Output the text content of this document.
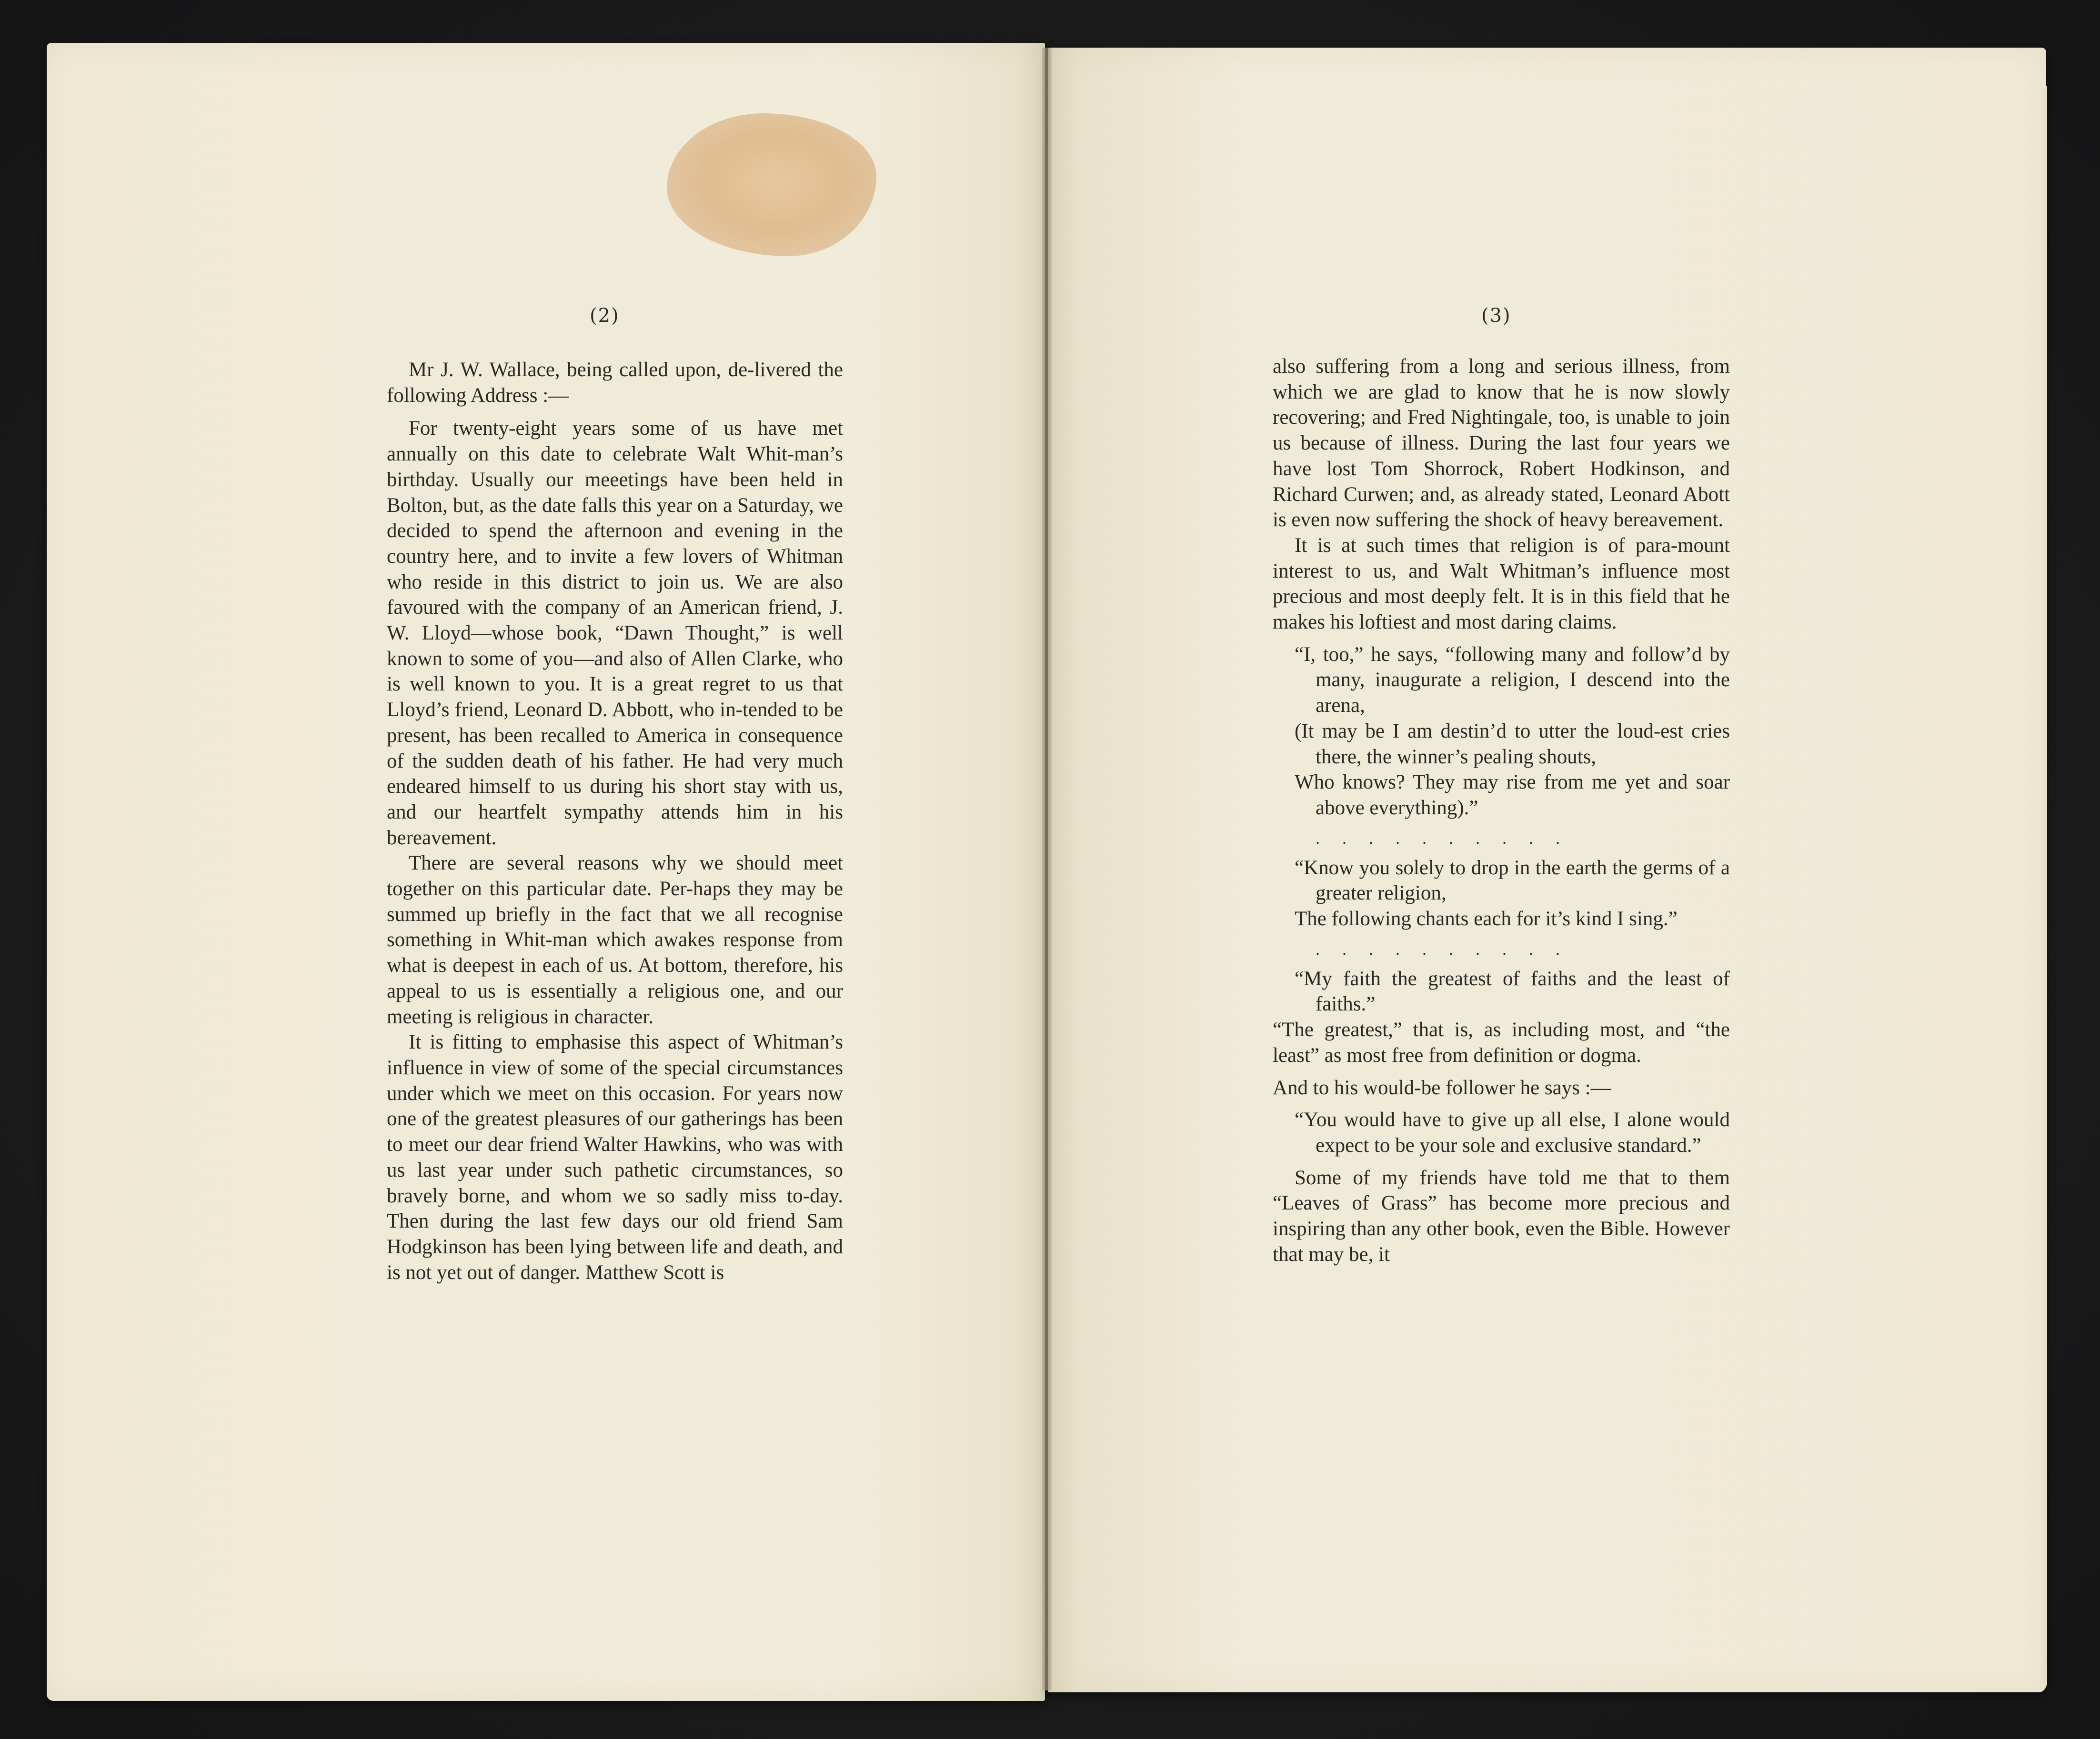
(2)	(3)

Mr J. W. Wallace, being called upon, de-livered the following Address :—

For twenty-eight years some of us have met annually on this date to celebrate Walt Whit-man’s birthday. Usually our meeetings have been held in Bolton, but, as the date falls this year on a Saturday, we decided to spend the afternoon and evening in the country here, and to invite a few lovers of Whitman who reside in this district to join us. We are also favoured with the company of an American friend, J. W. Lloyd—whose book, “Dawn Thought,” is well known to some of you—and also of Allen Clarke, who is well known to you. It is a great regret to us that Lloyd’s friend, Leonard D. Abbott, who in-tended to be present, has been recalled to America in consequence of the sudden death of his father. He had very much endeared himself to us during his short stay with us, and our heartfelt sympathy attends him in his bereavement.

There are several reasons why we should meet together on this particular date. Per-haps they may be summed up briefly in the fact that we all recognise something in Whit-man which awakes response from what is deepest in each of us. At bottom, therefore, his appeal to us is essentially a religious one, and our meeting is religious in character.

It is fitting to emphasise this aspect of Whitman’s influence in view of some of the special circumstances under which we meet on this occasion. For years now one of the greatest pleasures of our gatherings has been to meet our dear friend Walter Hawkins, who was with us last year under such pathetic circumstances, so bravely borne, and whom we so sadly miss to-day. Then during the last few days our old friend Sam Hodgkinson has been lying between life and death, and is not yet out of danger. Matthew Scott is

also suffering from a long and serious illness, from which we are glad to know that he is now slowly recovering; and Fred Nightingale, too, is unable to join us because of illness. During the last four years we have lost Tom Shorrock, Robert Hodkinson, and Richard Curwen; and, as already stated, Leonard Abott is even now suffering the shock of heavy bereavement.

It is at such times that religion is of para-mount interest to us, and Walt Whitman’s influence most precious and most deeply felt. It is in this field that he makes his loftiest and most daring claims.

“I, too,” he says, “following many and follow’d by many, inaugurate a religion, I descend into the arena,

(It may be I am destin’d to utter the loud-est cries there, the winner’s pealing shouts,

Who knows? They may rise from me yet and soar above everything).”

..........

“Know you solely to drop in the earth the germs of a greater religion,

The following chants each for it’s kind I sing.”

..........

“My faith the greatest of faiths and the least of faiths.”

“The greatest,” that is, as including most, and “the least” as most free from definition or dogma.

And to his would-be follower he says :—

“You would have to give up all else, I alone would expect to be your sole and exclusive standard.”

Some of my friends have told me that to them “Leaves of Grass” has become more precious and inspiring than any other book, even the Bible. However that may be, it
